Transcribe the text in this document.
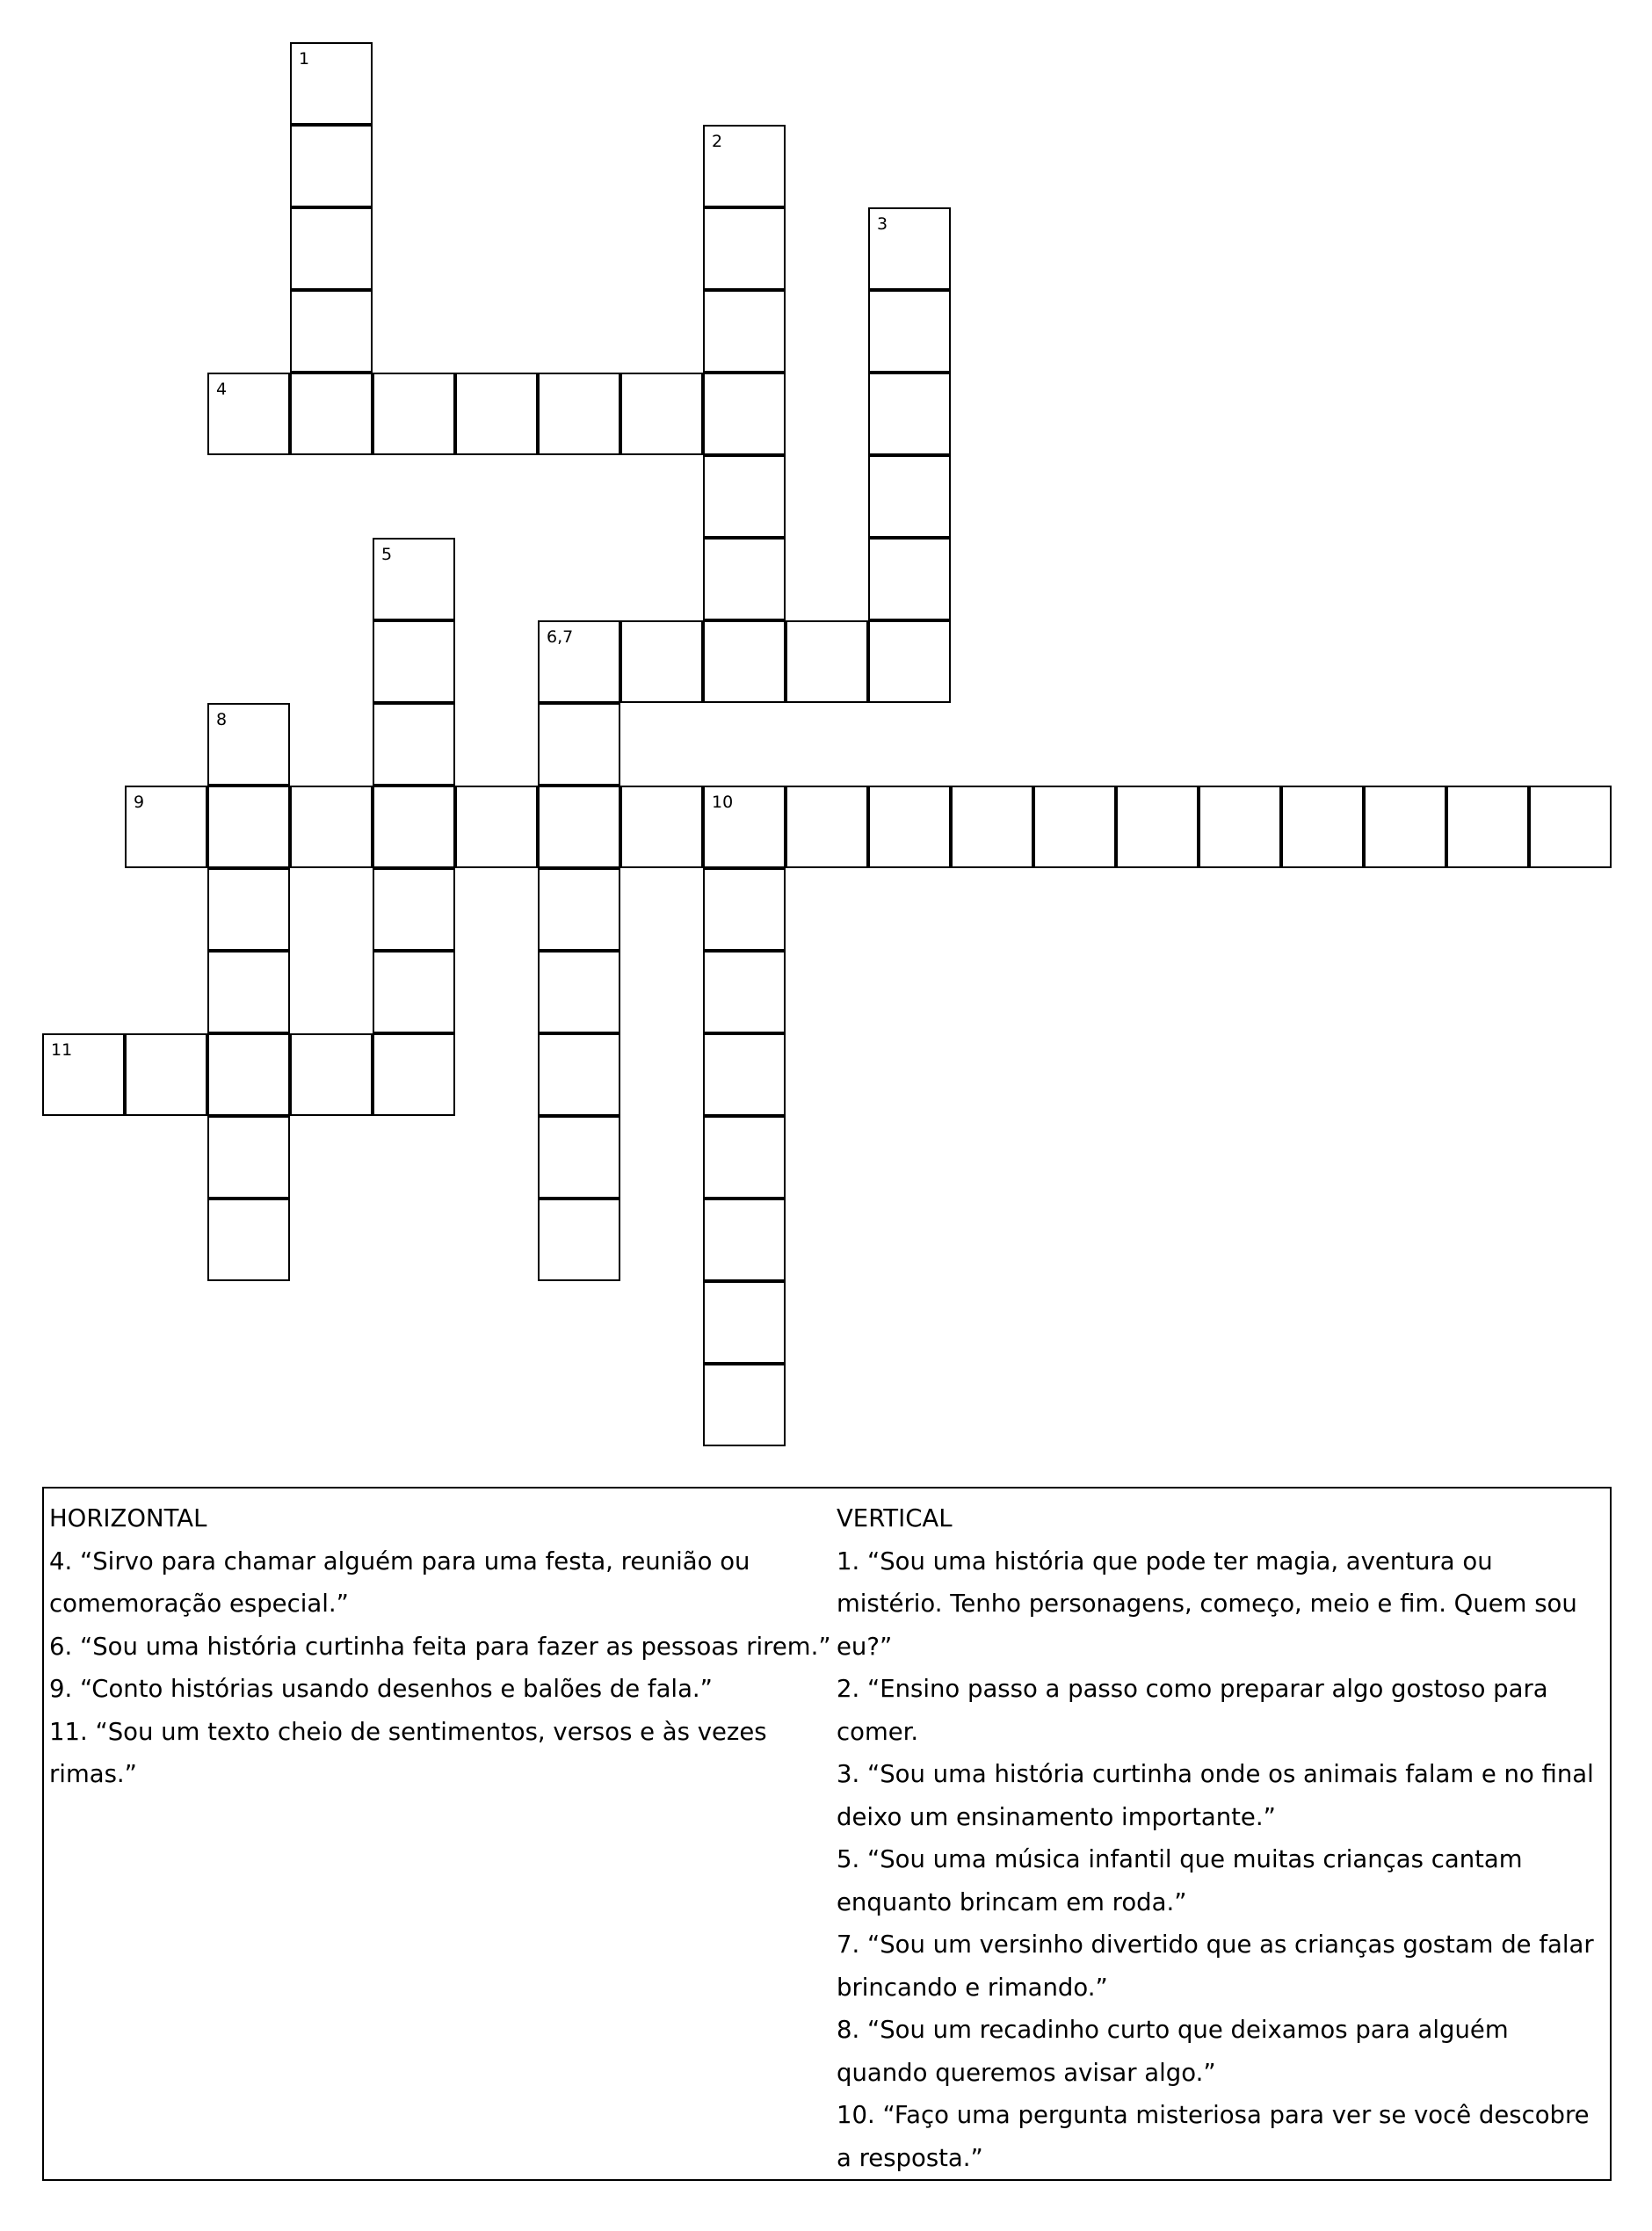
1
2
3
4
5
6,7
8
9	10
11
HORIZONTAL
4. “Sirvo para chamar alguém para uma festa, reunião ou comemoração especial.”
6. “Sou uma história curtinha feita para fazer as pessoas rirem.”
9. “Conto histórias usando desenhos e balões de fala.”
11. “Sou um texto cheio de sentimentos, versos e às vezes rimas.”
VERTICAL
1. “Sou uma história que pode ter magia, aventura ou mistério. Tenho personagens, começo, meio e fim. Quem sou eu?”
2. “Ensino passo a passo como preparar algo gostoso para comer.
3. “Sou uma história curtinha onde os animais falam e no final deixo um ensinamento importante.”
5. “Sou uma música infantil que muitas crianças cantam enquanto brincam em roda.”
7. “Sou um versinho divertido que as crianças gostam de falar brincando e rimando.”
8. “Sou um recadinho curto que deixamos para alguém quando queremos avisar algo.”
10. “Faço uma pergunta misteriosa para ver se você descobre a resposta.”
